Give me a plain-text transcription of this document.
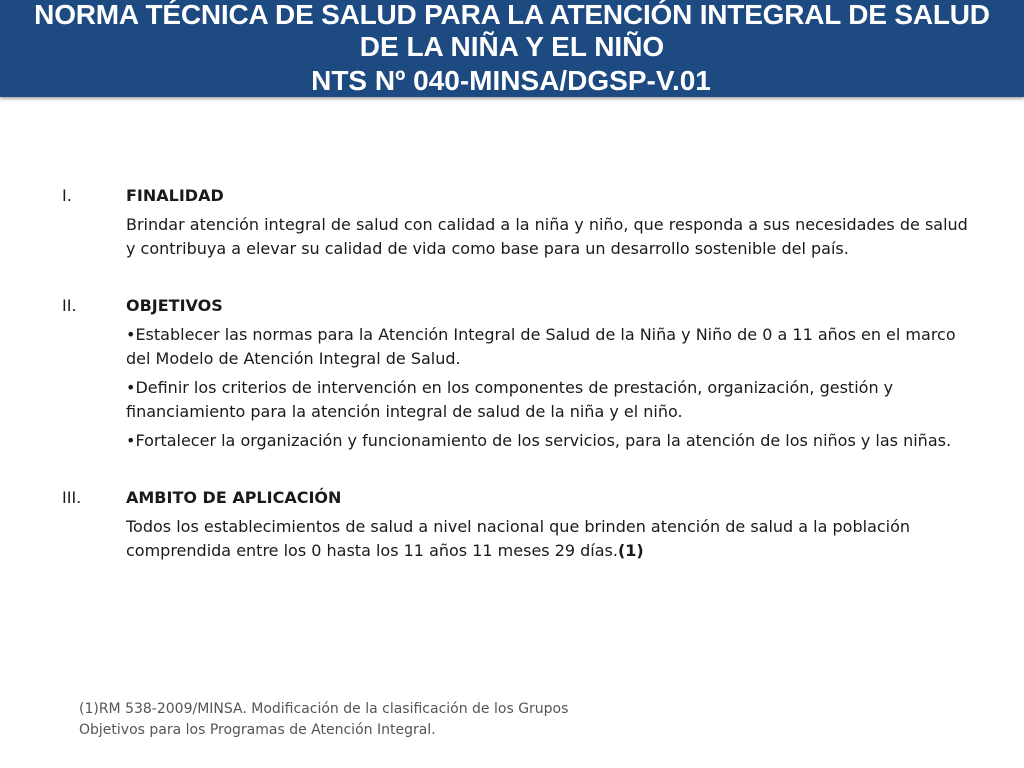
NORMA TÉCNICA DE SALUD PARA LA ATENCIÓN INTEGRAL DE SALUD
DE LA NIÑA Y EL NIÑO
NTS Nº 040-MINSA/DGSP-V.01
I.	FINALIDAD
Brindar atención integral de salud con calidad a la niña y niño, que responda a sus necesidades de salud y contribuya a elevar su calidad de vida como base para un desarrollo sostenible del país.
II.	OBJETIVOS
•Establecer las normas para la Atención Integral de Salud de la Niña y Niño de 0 a 11 años en el marco del Modelo de Atención Integral de Salud.
•Definir los criterios de intervención en los componentes de prestación, organización, gestión y financiamiento para la atención integral de salud de la niña y el niño.
•Fortalecer la organización y funcionamiento de los servicios, para la atención de los niños y las niñas.
III.	AMBITO DE APLICACIÓN
Todos los establecimientos de salud a nivel nacional que brinden atención de salud a la población comprendida entre los 0 hasta los 11 años 11 meses 29 días.(1)
(1)RM 538-2009/MINSA. Modificación de la clasificación de los Grupos Objetivos para los Programas de Atención Integral.
